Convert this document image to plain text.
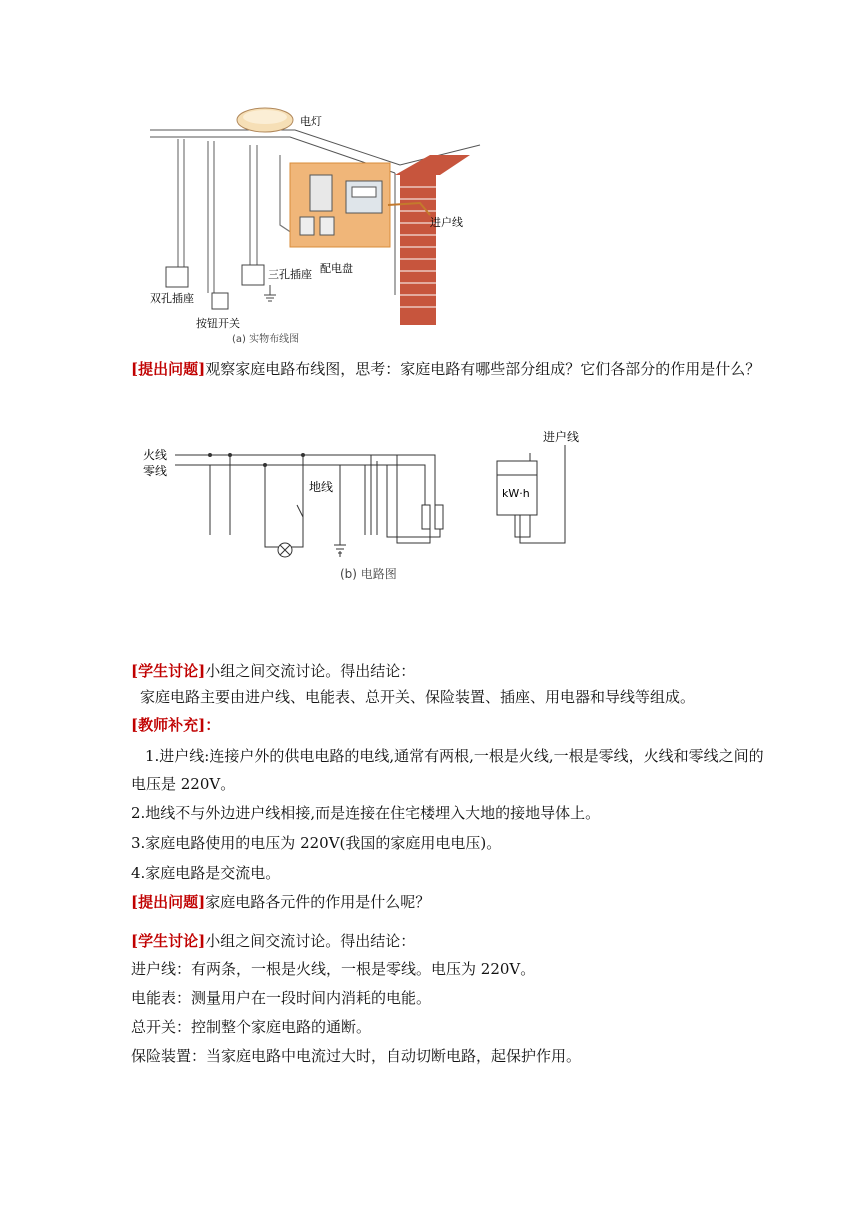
电灯
进户线
配电盘
三孔插座
双孔插座
按钮开关
(a) 实物布线图
[提出问题]观察家庭电路布线图，思考：家庭电路有哪些部分组成？它们各部分的作用是什么？
火线
零线
地线
进户线
kW·h
(b) 电路图
[学生讨论]小组之间交流讨论。得出结论：
家庭电路主要由进户线、电能表、总开关、保险装置、插座、用电器和导线等组成。
[教师补充]：
1.进户线:连接户外的供电电路的电线,通常有两根,一根是火线,一根是零线，火线和零线之间的电压是 220V。
2.地线不与外边进户线相接,而是连接在住宅楼埋入大地的接地导体上。
3.家庭电路使用的电压为 220V(我国的家庭用电电压)。
4.家庭电路是交流电。
[提出问题]家庭电路各元件的作用是什么呢？
[学生讨论]小组之间交流讨论。得出结论：
进户线：有两条，一根是火线，一根是零线。电压为 220V。
电能表：测量用户在一段时间内消耗的电能。
总开关：控制整个家庭电路的通断。
保险装置：当家庭电路中电流过大时，自动切断电路，起保护作用。
